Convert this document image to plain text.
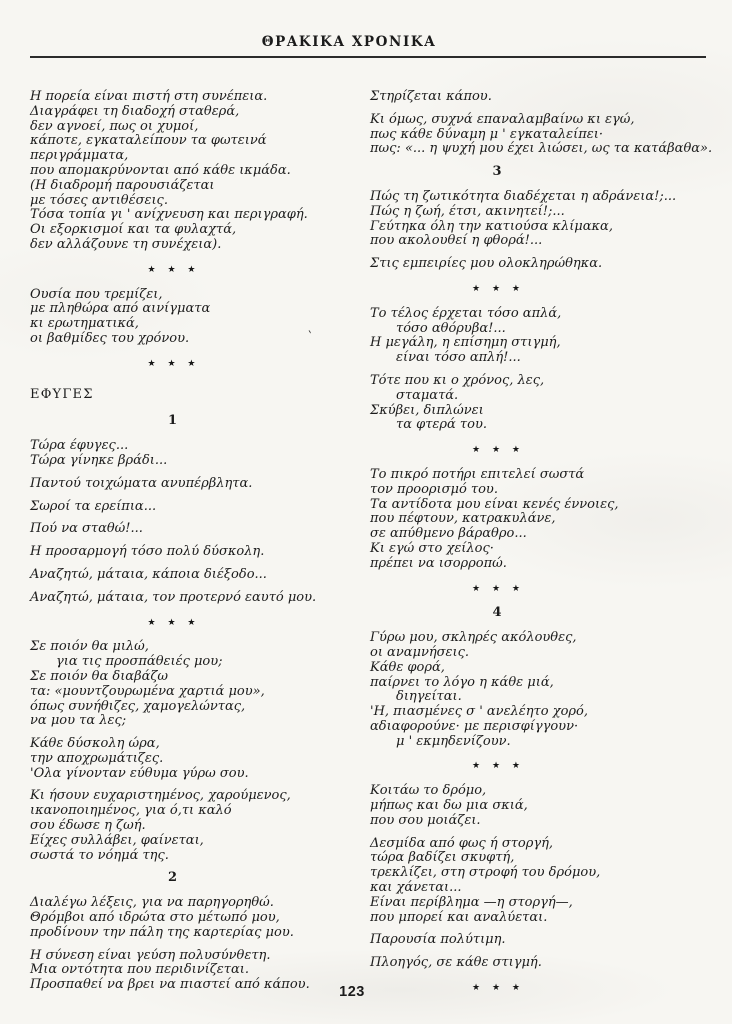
ΘΡΑΚΙΚΑ ΧΡΟΝΙΚΑ
Η πορεία είναι πιστή στη συνέπεια.
Διαγράφει τη διαδοχή σταθερά,
δεν αγνοεί, πως οι χυμοί,
κάποτε, εγκαταλείπουν τα φωτεινά περιγράμματα,
που απομακρύνονται από κάθε ικμάδα.
(Η διαδρομή παρουσιάζεται
με τόσες αντιθέσεις.
Τόσα τοπία γι ' ανίχνευση και περιγραφή.
Οι εξορκισμοί και τα φυλαχτά,
δεν αλλάζουνε τη συνέχεια).
★ ★ ★
Ουσία που τρεμίζει,
με πληθώρα από αινίγματα
κι ερωτηματικά,
οι βαθμίδες του χρόνου.
★ ★ ★
ΕΦΥΓΕΣ
1
Τώρα έφυγες...
Τώρα γίνηκε βράδι...
Παντού τοιχώματα ανυπέρβλητα.
Σωροί τα ερείπια...
Πού να σταθώ!...
Η προσαρμογή τόσο πολύ δύσκολη.
Αναζητώ, μάταια, κάποια διέξοδο...
Αναζητώ, μάταια, τον προτερνό εαυτό μου.
★ ★ ★
Σε ποιόν θα μιλώ,
  για τις προσπάθειές μου;
Σε ποιόν θα διαβάζω
τα: «μουντζουρωμένα χαρτιά μου»,
όπως συνήθιζες, χαμογελώντας,
να μου τα λες;
Κάθε δύσκολη ώρα,
την αποχρωμάτιζες.
'Ολα γίνονταν εύθυμα γύρω σου.
Κι ήσουν ευχαριστημένος, χαρούμενος,
ικανοποιημένος, για ό,τι καλό
σου έδωσε η ζωή.
Είχες συλλάβει, φαίνεται,
σωστά το νόημά της.
2
Διαλέγω λέξεις, για να παρηγορηθώ.
Θρόμβοι από ιδρώτα στο μέτωπό μου,
προδίνουν την πάλη της καρτερίας μου.
Η σύνεση είναι γεύση πολυσύνθετη.
Μια οντότητα που περιδινίζεται.
Προσπαθεί να βρει να πιαστεί από κάπου.
Στηρίζεται κάπου.
Κι όμως, συχνά επαναλαμβαίνω κι εγώ,
πως κάθε δύναμη μ ' εγκαταλείπει·
πως: «... η ψυχή μου έχει λιώσει, ως τα κατάβαθα».
3
Πώς τη ζωτικότητα διαδέχεται η αδράνεια!;...
Πώς η ζωή, έτσι, ακινητεί!;...
Γεύτηκα όλη την κατιούσα κλίμακα,
που ακολουθεί η φθορά!...
Στις εμπειρίες μου ολοκληρώθηκα.
★ ★ ★
Το τέλος έρχεται τόσο απλά,
  τόσο αθόρυβα!...
Η μεγάλη, η επίσημη στιγμή,
  είναι τόσο απλή!...
Τότε που κι ο χρόνος, λες,
  σταματά.
Σκύβει, διπλώνει
  τα φτερά του.
★ ★ ★
Το πικρό ποτήρι επιτελεί σωστά
τον προορισμό του.
Τα αντίδοτα μου είναι κενές έννοιες,
που πέφτουν, κατρακυλάνε,
σε απύθμενο βάραθρο...
Κι εγώ στο χείλος·
πρέπει να ισορροπώ.
★ ★ ★
4
Γύρω μου, σκληρές ακόλουθες,
οι αναμνήσεις.
Κάθε φορά,
παίρνει το λόγο η κάθε μιά,
  διηγείται.
'Η, πιασμένες σ ' ανελέητο χορό,
αδιαφορούνε· με περισφίγγουν·
  μ ' εκμηδενίζουν.
★ ★ ★
Κοιτάω το δρόμο,
μήπως και δω μια σκιά,
που σου μοιάζει.
Δεσμίδα από φως ή στοργή,
τώρα βαδίζει σκυφτή,
τρεκλίζει, στη στροφή του δρόμου,
και χάνεται...
Είναι περίβλημα —η στοργή—,
που μπορεί και αναλύεται.
Παρουσία πολύτιμη.
Πλοηγός, σε κάθε στιγμή.
★ ★ ★
`
123
